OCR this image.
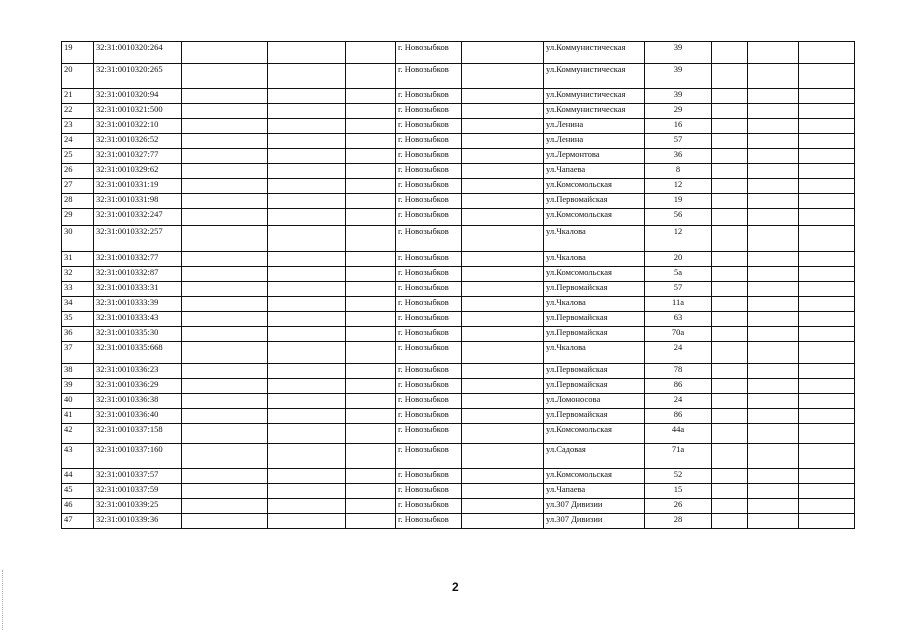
19	32:31:0010320:264				г. Новозыбков		ул.Коммунистическая	39			
20	32:31:0010320:265				г. Новозыбков		ул.Коммунистическая	39			
21	32:31:0010320:94				г. Новозыбков		ул.Коммунистическая	39			
22	32:31:0010321:500				г. Новозыбков		ул.Коммунистическая	29			
23	32:31:0010322:10				г. Новозыбков		ул.Ленина	16			
24	32:31:0010326:52				г. Новозыбков		ул.Ленина	57			
25	32:31:0010327:77				г. Новозыбков		ул.Лермонтова	36			
26	32:31:0010329:62				г. Новозыбков		ул.Чапаева	8			
27	32:31:0010331:19				г. Новозыбков		ул.Комсомольская	12			
28	32:31:0010331:98				г. Новозыбков		ул.Первомайская	19			
29	32:31:0010332:247				г. Новозыбков		ул.Комсомольская	56			
30	32:31:0010332:257				г. Новозыбков		ул.Чкалова	12			
31	32:31:0010332:77				г. Новозыбков		ул.Чкалова	20			
32	32:31:0010332:87				г. Новозыбков		ул.Комсомольская	5а			
33	32:31:0010333:31				г. Новозыбков		ул.Первомайская	57			
34	32:31:0010333:39				г. Новозыбков		ул.Чкалова	11а			
35	32:31:0010333:43				г. Новозыбков		ул.Первомайская	63			
36	32:31:0010335:30				г. Новозыбков		ул.Первомайская	70а			
37	32:31:0010335:668				г. Новозыбков		ул.Чкалова	24			
38	32:31:0010336:23				г. Новозыбков		ул.Первомайская	78			
39	32:31:0010336:29				г. Новозыбков		ул.Первомайская	86			
40	32:31:0010336:38				г. Новозыбков		ул.Ломоносова	24			
41	32:31:0010336:40				г. Новозыбков		ул.Первомайская	86			
42	32:31:0010337:158				г. Новозыбков		ул.Комсомольская	44а			
43	32:31:0010337:160				г. Новозыбков		ул.Садовая	71а			
44	32:31:0010337:57				г. Новозыбков		ул.Комсомольская	52			
45	32:31:0010337:59				г. Новозыбков		ул.Чапаева	15			
46	32:31:0010339:25				г. Новозыбков		ул.307 Дивизии	26			
47	32:31:0010339:36				г. Новозыбков		ул.307 Дивизии	28			
2
